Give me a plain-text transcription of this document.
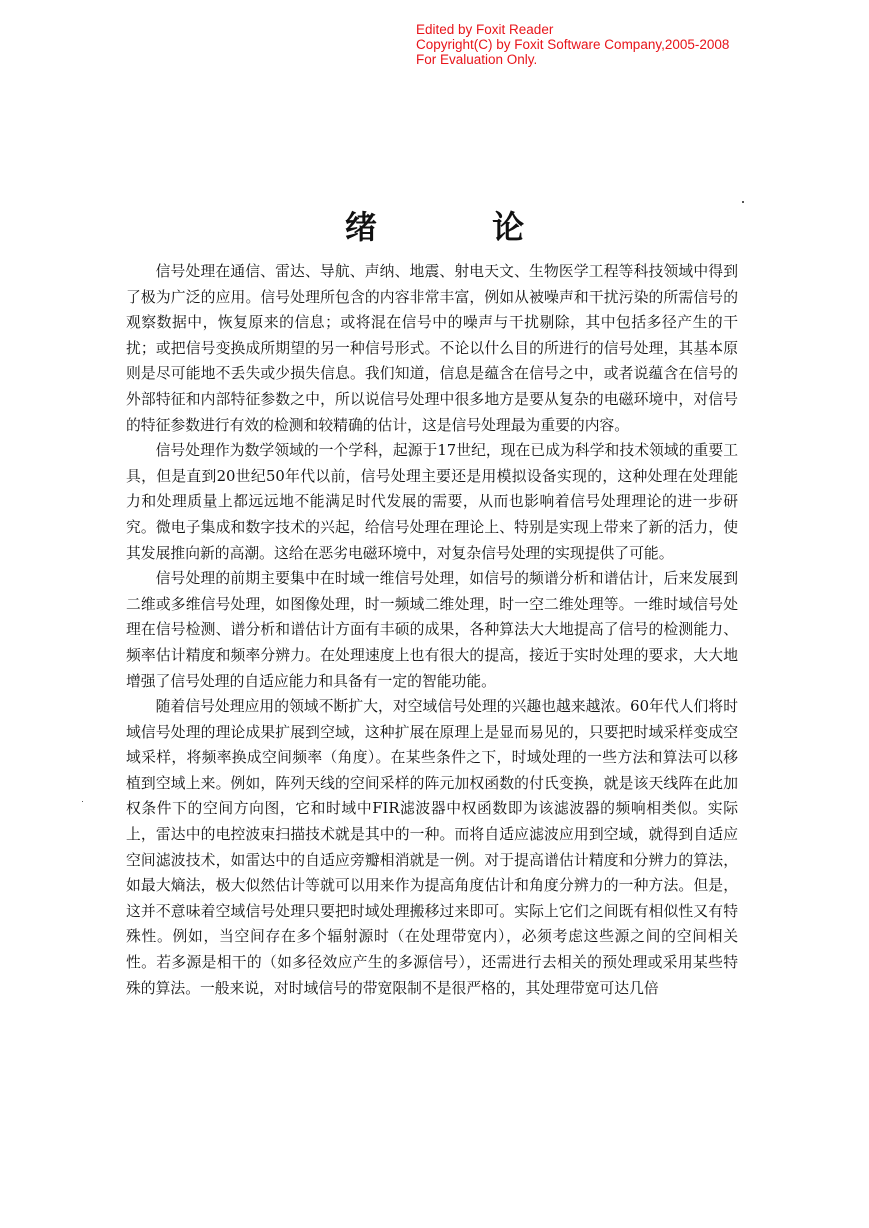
Edited by Foxit Reader
Copyright(C) by Foxit Software Company,2005-2008
For Evaluation Only.
绪 论

信号处理在通信、雷达、导航、声纳、地震、射电天文、生物医学工程等科技领域中得到了极为广泛的应用。信号处理所包含的内容非常丰富，例如从被噪声和干扰污染的所需信号的观察数据中，恢复原来的信息；或将混在信号中的噪声与干扰剔除，其中包括多径产生的干扰；或把信号变换成所期望的另一种信号形式。不论以什么目的所进行的信号处理，其基本原则是尽可能地不丢失或少损失信息。我们知道，信息是蕴含在信号之中，或者说蕴含在信号的外部特征和内部特征参数之中，所以说信号处理中很多地方是要从复杂的电磁环境中，对信号的特征参数进行有效的检测和较精确的估计，这是信号处理最为重要的内容。

信号处理作为数学领域的一个学科，起源于17世纪，现在已成为科学和技术领域的重要工具，但是直到20世纪50年代以前，信号处理主要还是用模拟设备实现的，这种处理在处理能力和处理质量上都远远地不能满足时代发展的需要，从而也影响着信号处理理论的进一步研究。微电子集成和数字技术的兴起，给信号处理在理论上、特别是实现上带来了新的活力，使其发展推向新的高潮。这给在恶劣电磁环境中，对复杂信号处理的实现提供了可能。

信号处理的前期主要集中在时域一维信号处理，如信号的频谱分析和谱估计，后来发展到二维或多维信号处理，如图像处理，时一频域二维处理，时一空二维处理等。一维时域信号处理在信号检测、谱分析和谱估计方面有丰硕的成果，各种算法大大地提高了信号的检测能力、频率估计精度和频率分辨力。在处理速度上也有很大的提高，接近于实时处理的要求，大大地增强了信号处理的自适应能力和具备有一定的智能功能。

随着信号处理应用的领域不断扩大，对空域信号处理的兴趣也越来越浓。60年代人们将时域信号处理的理论成果扩展到空域，这种扩展在原理上是显而易见的，只要把时域采样变成空域采样，将频率换成空间频率（角度）。在某些条件之下，时域处理的一些方法和算法可以移植到空域上来。例如，阵列天线的空间采样的阵元加权函数的付氏变换，就是该天线阵在此加权条件下的空间方向图，它和时域中FIR滤波器中权函数即为该滤波器的频响相类似。实际上，雷达中的电控波束扫描技术就是其中的一种。而将自适应滤波应用到空域，就得到自适应空间滤波技术，如雷达中的自适应旁瓣相消就是一例。对于提高谱估计精度和分辨力的算法，如最大熵法，极大似然估计等就可以用来作为提高角度估计和角度分辨力的一种方法。但是，这并不意味着空域信号处理只要把时域处理搬移过来即可。实际上它们之间既有相似性又有特殊性。例如，当空间存在多个辐射源时（在处理带宽内），必须考虑这些源之间的空间相关性。若多源是相干的（如多径效应产生的多源信号），还需进行去相关的预处理或采用某些特殊的算法。一般来说，对时域信号的带宽限制不是很严格的，其处理带宽可达几倍
